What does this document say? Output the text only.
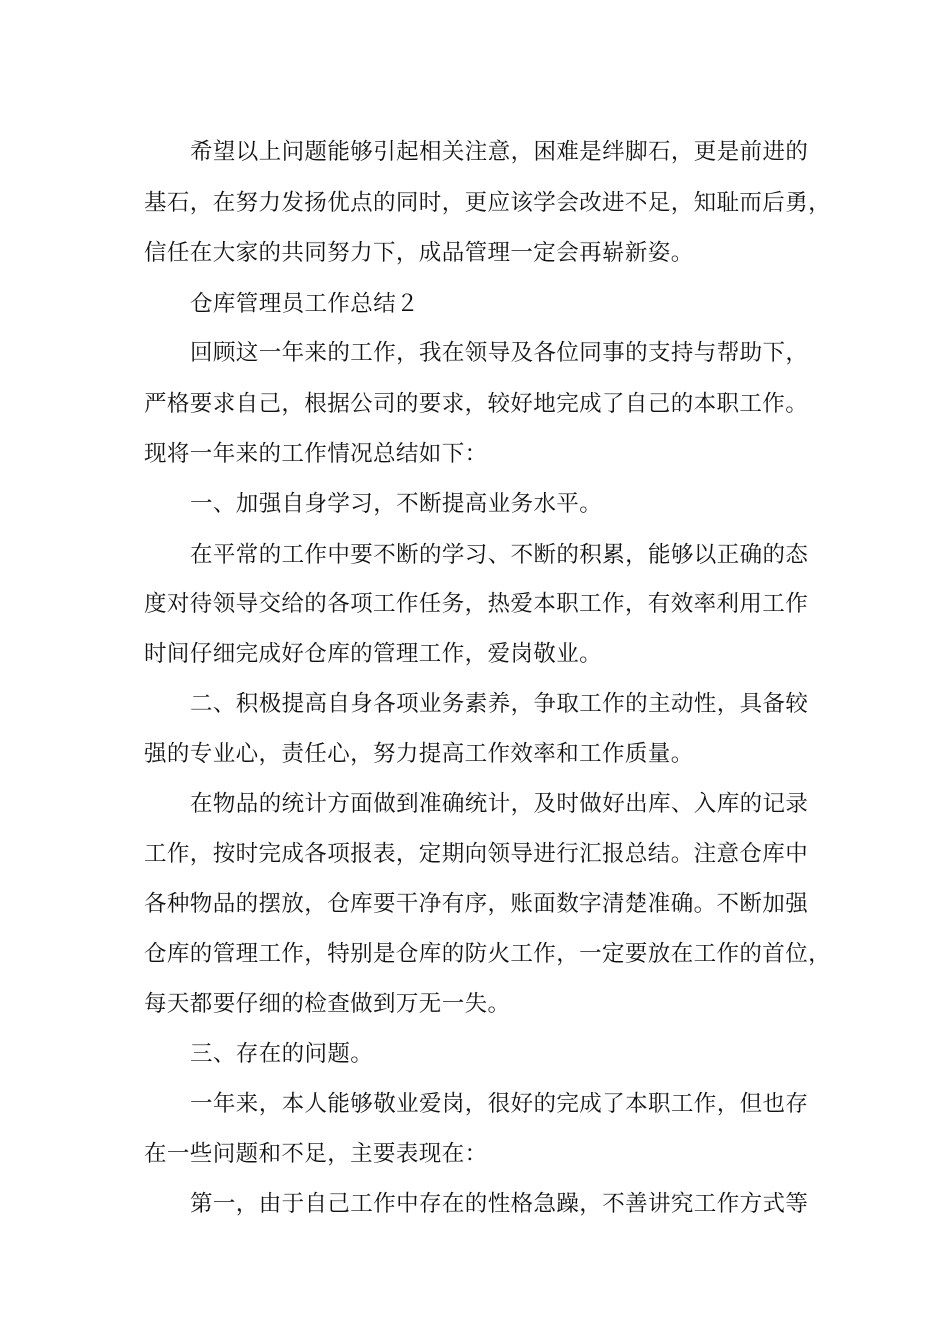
希望以上问题能够引起相关注意，困难是绊脚石，更是前进的
基石，在努力发扬优点的同时，更应该学会改进不足，知耻而后勇，
信任在大家的共同努力下，成品管理一定会再崭新姿。
仓库管理员工作总结２
回顾这一年来的工作，我在领导及各位同事的支持与帮助下，
严格要求自己，根据公司的要求，较好地完成了自己的本职工作。
现将一年来的工作情况总结如下：
一、加强自身学习，不断提高业务水平。
在平常的工作中要不断的学习、不断的积累，能够以正确的态
度对待领导交给的各项工作任务，热爱本职工作，有效率利用工作
时间仔细完成好仓库的管理工作，爱岗敬业。
二、积极提高自身各项业务素养，争取工作的主动性，具备较
强的专业心，责任心，努力提高工作效率和工作质量。
在物品的统计方面做到准确统计，及时做好出库、入库的记录
工作，按时完成各项报表，定期向领导进行汇报总结。注意仓库中
各种物品的摆放，仓库要干净有序，账面数字清楚准确。不断加强
仓库的管理工作，特别是仓库的防火工作，一定要放在工作的首位，
每天都要仔细的检查做到万无一失。
三、存在的问题。
一年来，本人能够敬业爱岗，很好的完成了本职工作，但也存
在一些问题和不足，主要表现在：
第一，由于自己工作中存在的性格急躁，不善讲究工作方式等
